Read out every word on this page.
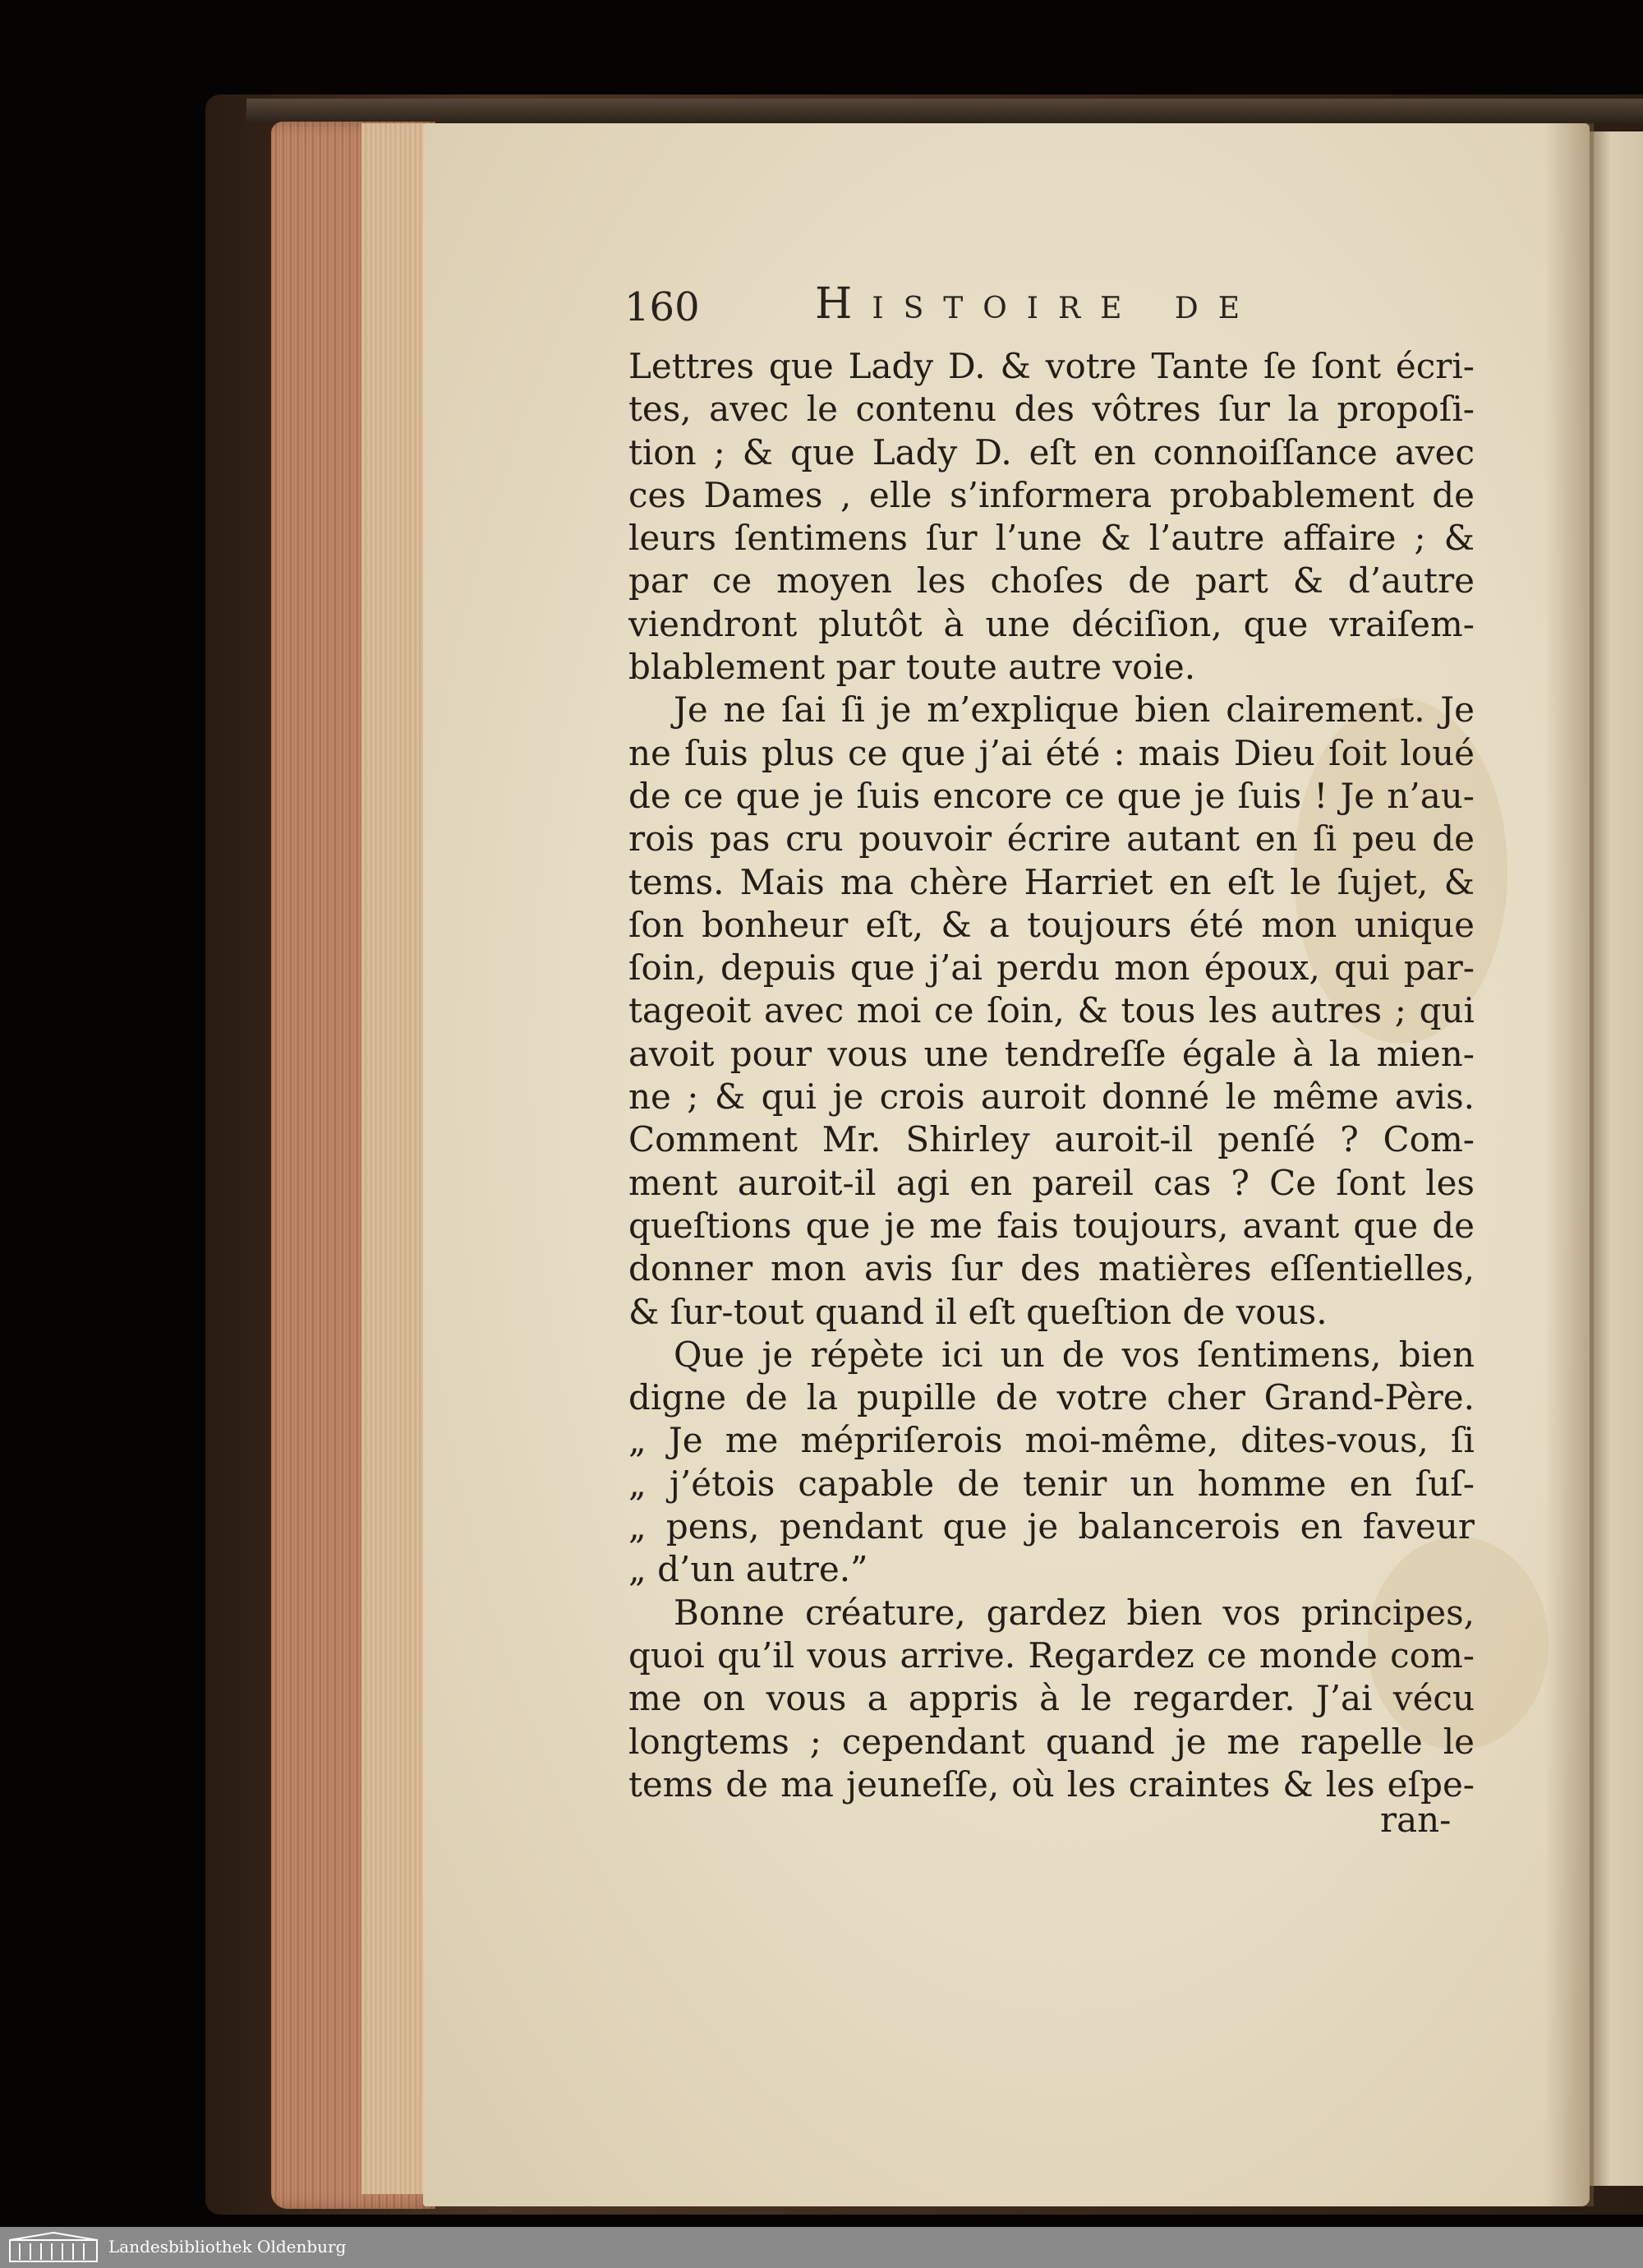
160	Histoire de
Lettres que Lady D. & votre Tante ſe ſont écri-
tes, avec le contenu des vôtres ſur la propoſi-
tion ; & que Lady D. eſt en connoiſſance avec
ces Dames , elle s’informera probablement de
leurs ſentimens ſur l’une & l’autre affaire ; &
par ce moyen les choſes de part & d’autre
viendront plutôt à une déciſion, que vraiſem-
blablement par toute autre voie.
Je ne ſai ſi je m’explique bien clairement. Je
ne ſuis plus ce que j’ai été : mais Dieu ſoit loué
de ce que je ſuis encore ce que je ſuis ! Je n’au-
rois pas cru pouvoir écrire autant en ſi peu de
tems. Mais ma chère Harriet en eſt le ſujet, &
ſon bonheur eſt, & a toujours été mon unique
ſoin, depuis que j’ai perdu mon époux, qui par-
tageoit avec moi ce ſoin, & tous les autres ; qui
avoit pour vous une tendreſſe égale à la mien-
ne ; & qui je crois auroit donné le même avis.
Comment Mr. Shirley auroit-il penſé ? Com-
ment auroit-il agi en pareil cas ? Ce ſont les
queſtions que je me fais toujours, avant que de
donner mon avis ſur des matières eſſentielles,
& ſur-tout quand il eſt queſtion de vous.
Que je répète ici un de vos ſentimens, bien
digne de la pupille de votre cher Grand-Père.
„ Je me mépriſerois moi-même, dites-vous, ſi
„ j’étois capable de tenir un homme en ſuſ-
„ pens, pendant que je balancerois en faveur
„ d’un autre.”
Bonne créature, gardez bien vos principes,
quoi qu’il vous arrive. Regardez ce monde com-
me on vous a appris à le regarder. J’ai vécu
longtems ; cependant quand je me rapelle le
tems de ma jeuneſſe, où les craintes & les eſpe-
ran-
Landesbibliothek Oldenburg
